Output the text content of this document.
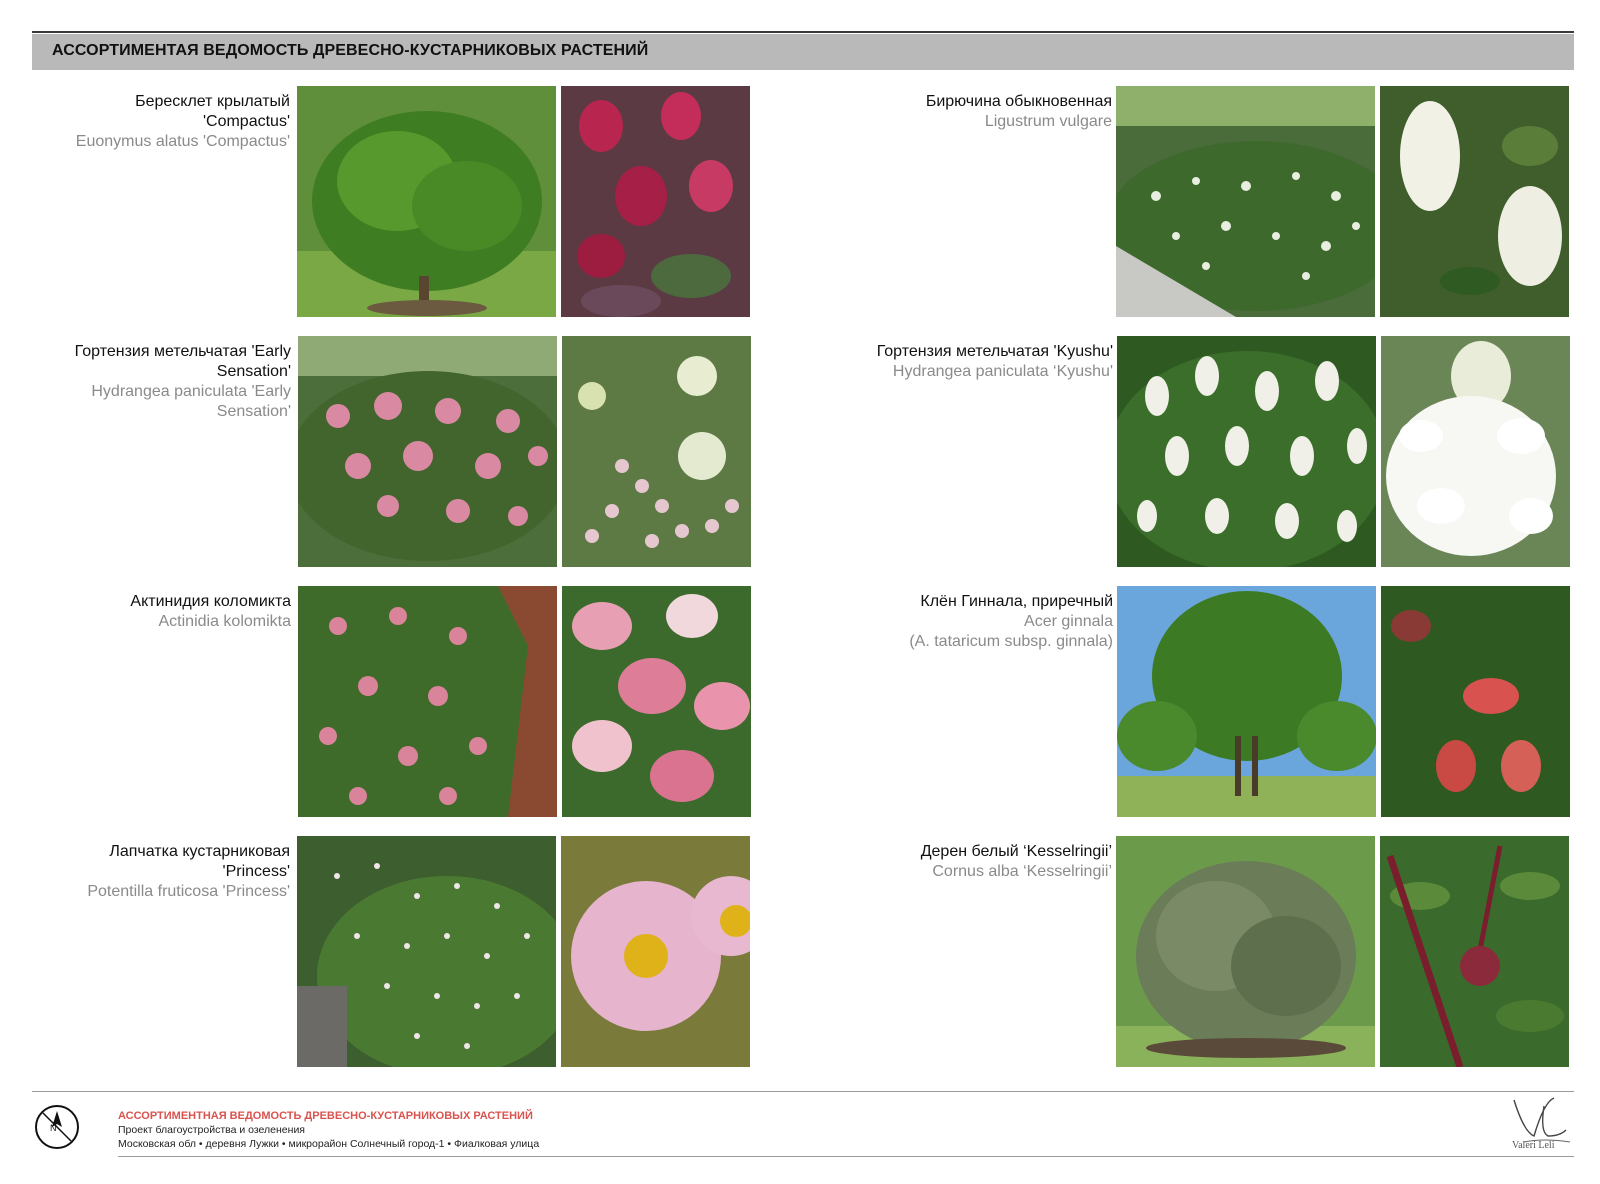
АССОРТИМЕНТАЯ ВЕДОМОСТЬ ДРЕВЕСНО-КУСТАРНИКОВЫХ РАСТЕНИЙ
Бересклет крылатый
'Compactus'
Euonymus alatus 'Compactus'
Бирючина обыкновенная
Ligustrum vulgare
Гортензия метельчатая 'Early
Sensation'
Hydrangea paniculata 'Early
Sensation'
Гортензия метельчатая 'Kyushu'
Hydrangea paniculata ‘Kyushu'
Актинидия коломикта
Actinidia kolomikta
Клён Гиннала, приречный
Acer ginnala
(A. tataricum subsp. ginnala)
Лапчатка кустарниковая
'Princess'
Potentilla fruticosa 'Princess'
Дерен белый ‘Kesselringii’
Cornus alba ‘Kesselringii’
N
АССОРТИМЕНТНАЯ ВЕДОМОСТЬ ДРЕВЕСНО-КУСТАРНИКОВЫХ РАСТЕНИЙ
Проект благоустройства и озеленения
Московская обл • деревня Лужки • микрорайон Солнечный город-1 • Фиалковая улица	Valeri Leli
